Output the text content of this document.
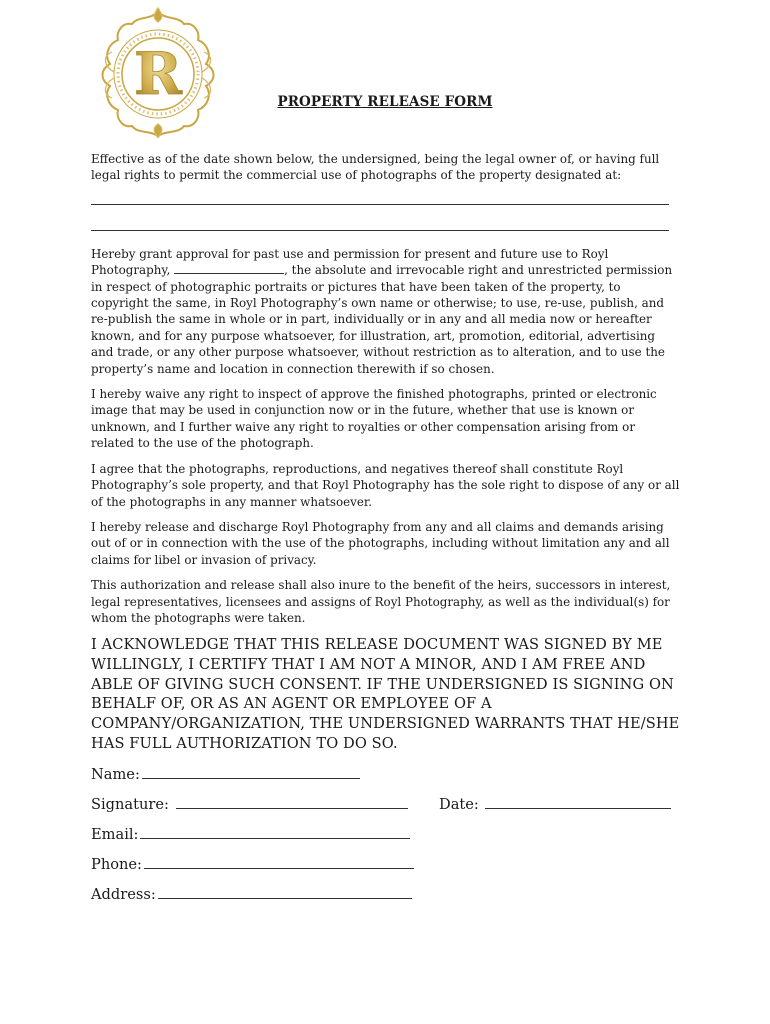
R	PROPERTY RELEASE FORM

Effective as of the date shown below, the undersigned, being the legal owner of, or having full legal rights to permit the commercial use of photographs of the property designated at:

Hereby grant approval for past use and permission for present and future use to Royl Photography,	, the absolute and irrevocable right and unrestricted permission in respect of photographic portraits or pictures that have been taken of the property, to copyright the same, in Royl Photography’s own name or otherwise; to use, re-use, publish, and re-publish the same in whole or in part, individually or in any and all media now or hereafter known, and for any purpose whatsoever, for illustration, art, promotion, editorial, advertising and trade, or any other purpose whatsoever, without restriction as to alteration, and to use the property’s name and location in connection therewith if so chosen.

I hereby waive any right to inspect of approve the finished photographs, printed or electronic image that may be used in conjunction now or in the future, whether that use is known or unknown, and I further waive any right to royalties or other compensation arising from or related to the use of the photograph.

I agree that the photographs, reproductions, and negatives thereof shall constitute Royl Photography’s sole property, and that Royl Photography has the sole right to dispose of any or all of the photographs in any manner whatsoever.

I hereby release and discharge Royl Photography from any and all claims and demands arising out of or in connection with the use of the photographs, including without limitation any and all claims for libel or invasion of privacy.

This authorization and release shall also inure to the benefit of the heirs, successors in interest, legal representatives, licensees and assigns of Royl Photography, as well as the individual(s) for whom the photographs were taken.

I ACKNOWLEDGE THAT THIS RELEASE DOCUMENT WAS SIGNED BY ME WILLINGLY, I CERTIFY THAT I AM NOT A MINOR, AND I AM FREE AND ABLE OF GIVING SUCH CONSENT. IF THE UNDERSIGNED IS SIGNING ON BEHALF OF, OR AS AN AGENT OR EMPLOYEE OF A COMPANY/ORGANIZATION, THE UNDERSIGNED WARRANTS THAT HE/SHE HAS FULL AUTHORIZATION TO DO SO.

Name:
Signature:	Date:
Email:
Phone:
Address:
